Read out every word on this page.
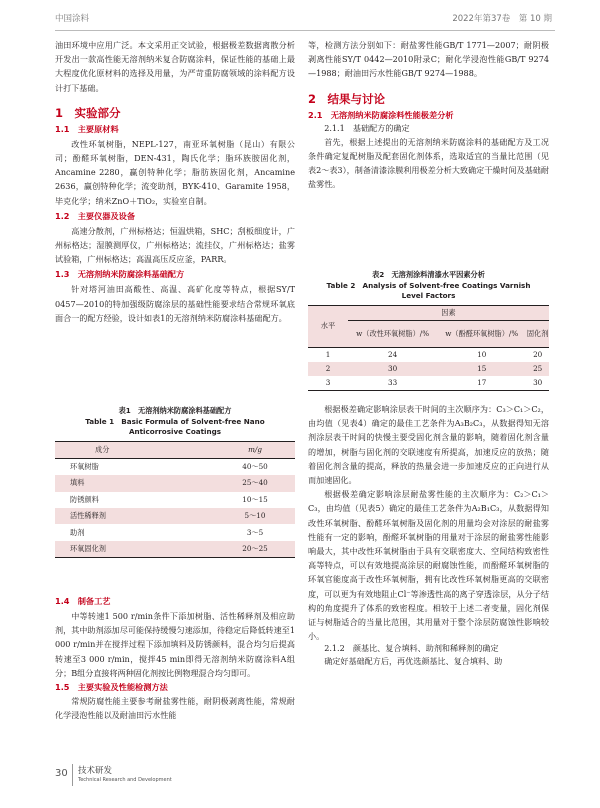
中国涂料	2022年第37卷　第 10 期

油田环境中应用广泛。本文采用正交试验，根据极差数据离散分析开发出一款高性能无溶剂纳米复合防腐涂料，保证性能的基础上最大程度优化原材料的选择及用量，为严苛重防腐领域的涂料配方设计打下基础。

1　实验部分
1.1　主要原材料

改性环氧树脂，NEPL-127，南亚环氧树脂（昆山）有限公司；酚醛环氧树脂，DEN-431，陶氏化学；脂环族胺固化剂，Ancamine 2280，赢创特种化学；脂肪族固化剂，Ancamine 2636，赢创特种化学；流变助剂，BYK-410、Garamite 1958，毕克化学；纳米ZnO＋TiO₂，实验室自制。

1.2　主要仪器及设备

高速分散剂，广州标格达；恒温烘箱，SHC；刮板细度计，广州标格达；湿膜测厚仪，广州标格达；流挂仪，广州标格达；盐雾试验箱，广州标格达；高温高压反应釜，PARR。

1.3　无溶剂纳米防腐涂料基础配方

针对塔河油田高酸性、高温、高矿化度等特点，根据SY/T 0457—2010的特加强级防腐涂层的基础性能要求结合常规环氧底面合一的配方经验，设计如表1的无溶剂纳米防腐涂料基础配方。

表1　无溶剂纳米防腐涂料基础配方
Table 1　Basic Formula of Solvent-free Nano Anticorrosive Coatings
成分	m/g
环氧树脂	40～50
填料	25～40
防锈颜料	10～15
活性稀释剂	5～10
助剂	3～5
环氧固化剂	20～25
1.4　制备工艺

中等转速1 500 r/min条件下添加树脂、活性稀释剂及相应助剂，其中助剂添加尽可能保持缓慢匀速添加，待稳定后降低转速至1 000 r/min并在搅拌过程下添加填料及防锈颜料，混合均匀后提高转速至3 000 r/min，搅拌45 min即得无溶剂纳米防腐涂料A组分；B组分直接将两种固化剂按比例物理混合均匀即可。

1.5　主要实验及性能检测方法

常规防腐性能主要参考耐盐雾性能，耐阴极剥离性能，常规耐化学浸泡性能以及耐油田污水性能

等，检测方法分别如下：耐盐雾性能GB/T 1771—2007；耐阴极剥离性能SY/T 0442—2010附录C；耐化学浸泡性能GB/T 9274—1988；耐油田污水性能GB/T 9274—1988。

2　结果与讨论
2.1　无溶剂纳米防腐涂料性能极差分析
2.1.1　基础配方的确定

首先，根据上述提出的无溶剂纳米防腐涂料的基础配方及工况条件确定复配树脂及配套固化剂体系，选取适宜的当量比范围（见表2～表3），制备清漆涂膜利用极差分析大致确定干燥时间及基础耐盐雾性。

表2　无溶剂涂料清漆水平因素分析
Table 2　Analysis of Solvent-free Coatings Varnish Level Factors
水平	因素		
	w（改性环氧树脂）/%	w（酚醛环氧树脂）/%	固化剂
1	24	10	20
2	30	15	25
3	33	17	30

根据极差确定影响涂层表干时间的主次顺序为：C₃＞C₁＞C₂，由均值（见表4）确定的最佳工艺条件为A₃B₂C₃，从数据得知无溶剂涂层表干时间的快慢主要受固化剂含量的影响，随着固化剂含量的增加，树脂与固化剂的交联速度有所提高，加速反应的放热；随着固化剂含量的提高，释放的热量会进一步加速反应的正向进行从而加速固化。

根据极差确定影响涂层耐盐雾性能的主次顺序为：C₂＞C₁＞C₃，由均值（见表5）确定的最佳工艺条件为A₂B₁C₃，从数据得知改性环氧树脂、酚醛环氧树脂及固化剂的用量均会对涂层的耐盐雾性能有一定的影响，酚醛环氧树脂的用量对于涂层的耐盐雾性能影响最大，其中改性环氧树脂由于具有交联密度大、空间结构致密性高等特点，可以有效地提高涂层的耐腐蚀性能，而酚醛环氧树脂的环氧官能度高于改性环氧树脂，拥有比改性环氧树脂更高的交联密度，可以更为有效地阻止Cl⁻等渗透性高的离子穿透涂层，从分子结构的角度提升了体系的致密程度。相较于上述二者变量，固化剂保证与树脂适合的当量比范围，其用量对于整个涂层防腐蚀性影响较小。

2.1.2　颜基比、复合填料、助剂和稀释剂的确定

确定好基础配方后，再优选颜基比、复合填料、助

30 技术研发
Technical Research and Development
